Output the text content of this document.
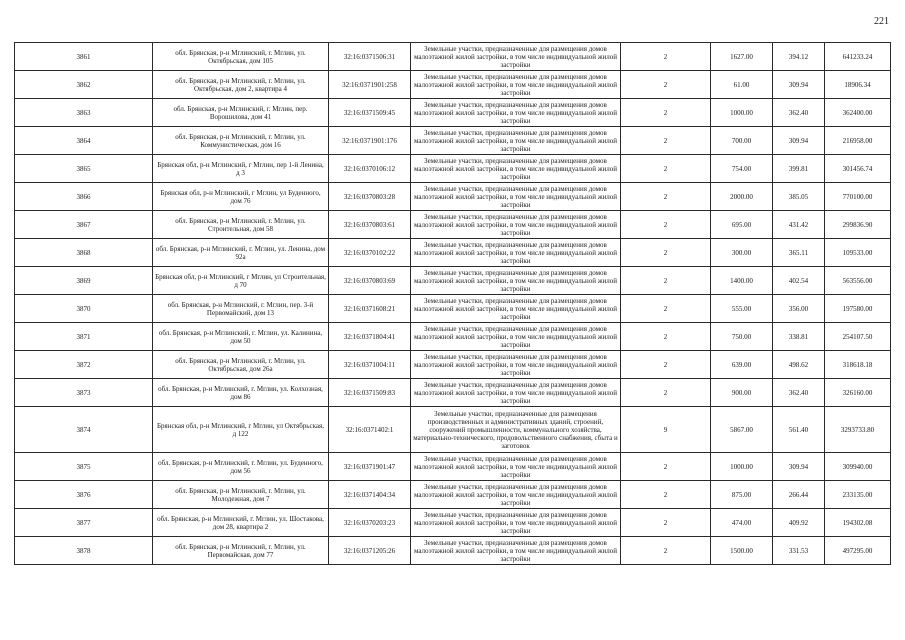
221
3861	обл. Брянская, р-н Мглинский, г. Мглин, ул. Октябрьская, дом 105	32:16:0371506:31	Земельные участки, предназначенные для размещения домов малоэтажной жилой застройки, в том числе индивидуальной жилой застройки	2	1627.00	394.12	641233.24
3862	обл. Брянская, р-н Мглинский, г. Мглин, ул. Октябрьская, дом 2, квартира 4	32:16:0371901:258	Земельные участки, предназначенные для размещения домов малоэтажной жилой застройки, в том числе индивидуальной жилой застройки	2	61.00	309.94	18906.34
3863	обл. Брянская, р-н Мглинский, г. Мглин, пер. Ворошилова, дом 41	32:16:0371509:45	Земельные участки, предназначенные для размещения домов малоэтажной жилой застройки, в том числе индивидуальной жилой застройки	2	1000.00	362.40	362400.00
3864	обл. Брянская, р-н Мглинский, г. Мглин, ул. Коммунистическая, дом 16	32:16:0371901:176	Земельные участки, предназначенные для размещения домов малоэтажной жилой застройки, в том числе индивидуальной жилой застройки	2	700.00	309.94	216958.00
3865	Брянская обл, р-н Мглинский, г Мглин, пер 1-й Ленина, д 3	32:16:0370106:12	Земельные участки, предназначенные для размещения домов малоэтажной жилой застройки, в том числе индивидуальной жилой застройки	2	754.00	399.81	301456.74
3866	Брянская обл, р-н Мглинский, г Мглин, ул Буденного, дом 76	32:16:0370803:28	Земельные участки, предназначенные для размещения домов малоэтажной жилой застройки, в том числе индивидуальной жилой застройки	2	2000.00	385.05	770100.00
3867	обл. Брянская, р-н Мглинский, г. Мглин, ул. Строительная, дом 58	32:16:0370803:61	Земельные участки, предназначенные для размещения домов малоэтажной жилой застройки, в том числе индивидуальной жилой застройки	2	695.00	431.42	299836.90
3868	обл. Брянская, р-н Мглинский, г. Мглин, ул. Ленина, дом 92а	32:16:0370102:22	Земельные участки, предназначенные для размещения домов малоэтажной жилой застройки, в том числе индивидуальной жилой застройки	2	300.00	365.11	109533.00
3869	Брянская обл, р-н Мглинский, г Мглин, ул Строительная, д 70	32:16:0370803:69	Земельные участки, предназначенные для размещения домов малоэтажной жилой застройки, в том числе индивидуальной жилой застройки	2	1400.00	402.54	563556.00
3870	обл. Брянская, р-н Мглинский, г. Мглин, пер. 3-й Первомайский, дом 13	32:16:0371608:21	Земельные участки, предназначенные для размещения домов малоэтажной жилой застройки, в том числе индивидуальной жилой застройки	2	555.00	356.00	197580.00
3871	обл. Брянская, р-н Мглинский, г. Мглин, ул. Калинина, дом 50	32:16:0371804:41	Земельные участки, предназначенные для размещения домов малоэтажной жилой застройки, в том числе индивидуальной жилой застройки	2	750.00	338.81	254107.50
3872	обл. Брянская, р-н Мглинский, г. Мглин, ул. Октябрьская, дом 26а	32:16:0371004:11	Земельные участки, предназначенные для размещения домов малоэтажной жилой застройки, в том числе индивидуальной жилой застройки	2	639.00	498.62	318618.18
3873	обл. Брянская, р-н Мглинский, г. Мглин, ул. Колхозная, дом 86	32:16:0371509:83	Земельные участки, предназначенные для размещения домов малоэтажной жилой застройки, в том числе индивидуальной жилой застройки	2	900.00	362.40	326160.00
3874	Брянская обл, р-н Мглинский, г Мглин, ул Октябрьская, д 122	32:16:0371402:1	Земельные участки, предназначенные для размещения производственных и административных зданий, строений, сооружений промышленности, коммунального хозяйства, материально-технического, продовольственного снабжения, сбыта и заготовок	9	5867.00	561.40	3293733.80
3875	обл. Брянская, р-н Мглинский, г. Мглин, ул. Буденного, дом 56	32:16:0371901:47	Земельные участки, предназначенные для размещения домов малоэтажной жилой застройки, в том числе индивидуальной жилой застройки	2	1000.00	309.94	309940.00
3876	обл. Брянская, р-н Мглинский, г. Мглин, ул. Молодежная, дом 7	32:16:0371404:34	Земельные участки, предназначенные для размещения домов малоэтажной жилой застройки, в том числе индивидуальной жилой застройки	2	875.00	266.44	233135.00
3877	обл. Брянская, р-н Мглинский, г. Мглин, ул. Шостакова, дом 28, квартира 2	32:16:0370203:23	Земельные участки, предназначенные для размещения домов малоэтажной жилой застройки, в том числе индивидуальной жилой застройки	2	474.00	409.92	194302.08
3878	обл. Брянская, р-н Мглинский, г. Мглин, ул. Первомайская, дом 77	32:16:0371205:26	Земельные участки, предназначенные для размещения домов малоэтажной жилой застройки, в том числе индивидуальной жилой застройки	2	1500.00	331.53	497295.00
